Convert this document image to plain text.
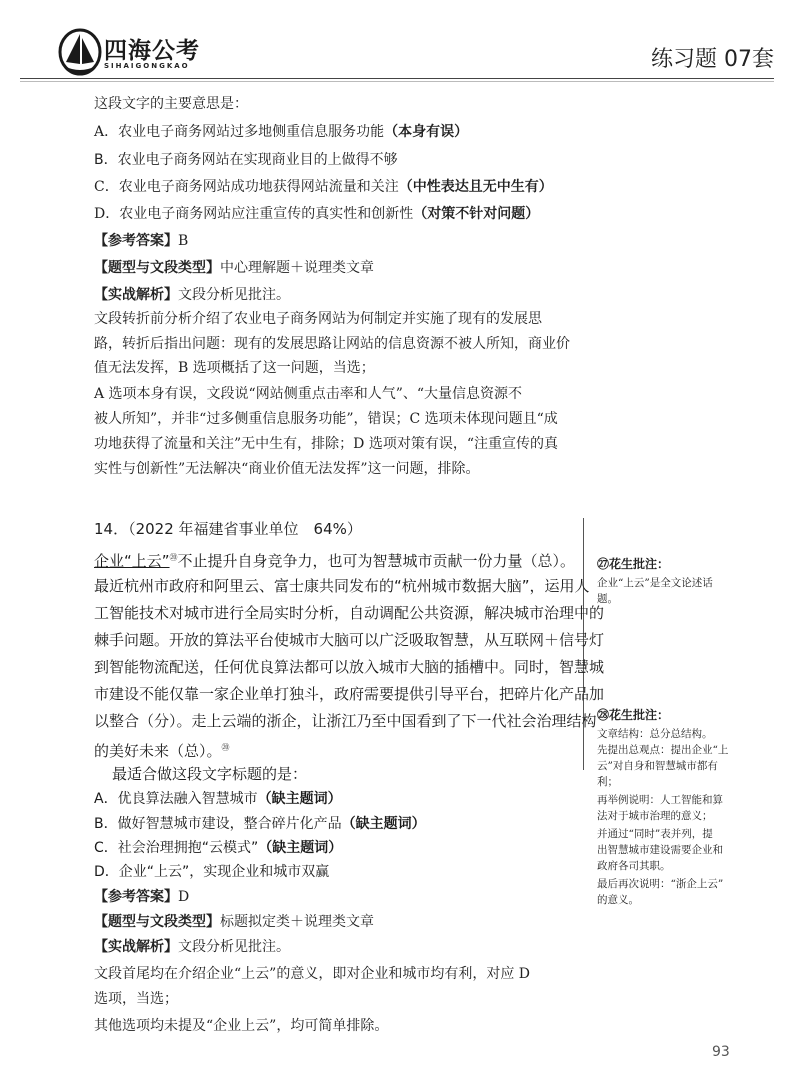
四海公考
SIHAIGONGKAO	练习题 07套
这段文字的主要意思是：
A．农业电子商务网站过多地侧重信息服务功能（本身有误）
B．农业电子商务网站在实现商业目的上做得不够
C．农业电子商务网站成功地获得网站流量和关注（中性表达且无中生有）
D．农业电子商务网站应注重宣传的真实性和创新性（对策不针对问题）
【参考答案】B
【题型与文段类型】中心理解题＋说理类文章
【实战解析】文段分析见批注。
文段转折前分析介绍了农业电子商务网站为何制定并实施了现有的发展思
路，转折后指出问题：现有的发展思路让网站的信息资源不被人所知，商业价
值无法发挥，B 选项概括了这一问题，当选；
A 选项本身有误，文段说“网站侧重点击率和人气”、“大量信息资源不
被人所知”，并非“过多侧重信息服务功能”，错误；C 选项未体现问题且“成
功地获得了流量和关注”无中生有，排除；D 选项对策有误，“注重宣传的真
实性与创新性”无法解决“商业价值无法发挥”这一问题，排除。
14．（2022 年福建省事业单位　64%）
企业“上云”⑳不止提升自身竞争力，也可为智慧城市贡献一份力量（总）。
最近杭州市政府和阿里云、富士康共同发布的“杭州城市数据大脑”，运用人
工智能技术对城市进行全局实时分析，自动调配公共资源，解决城市治理中的
棘手问题。开放的算法平台使城市大脑可以广泛吸取智慧，从互联网＋信号灯
到智能物流配送，任何优良算法都可以放入城市大脑的插槽中。同时，智慧城
市建设不能仅靠一家企业单打独斗，政府需要提供引导平台，把碎片化产品加
以整合（分）。走上云端的浙企，让浙江乃至中国看到了下一代社会治理结构
的美好未来（总）。⑳
最适合做这段文字标题的是：
A．优良算法融入智慧城市（缺主题词）
B．做好智慧城市建设，整合碎片化产品（缺主题词）
C．社会治理拥抱“云模式”（缺主题词）
D．企业“上云”，实现企业和城市双赢
【参考答案】D
【题型与文段类型】标题拟定类＋说理类文章
【实战解析】文段分析见批注。
文段首尾均在介绍企业“上云”的意义，即对企业和城市均有利，对应 D
选项，当选；
其他选项均未提及“企业上云”，均可简单排除。
㉗花生批注：
企业“上云”是全文论述话
题。
㉘花生批注：
文章结构：总分总结构。
先提出总观点：提出企业“上
云”对自身和智慧城市都有
利；
再举例说明：人工智能和算
法对于城市治理的意义；
并通过“同时”表并列，提
出智慧城市建设需要企业和
政府各司其职。
最后再次说明：“浙企上云”
的意义。
93
